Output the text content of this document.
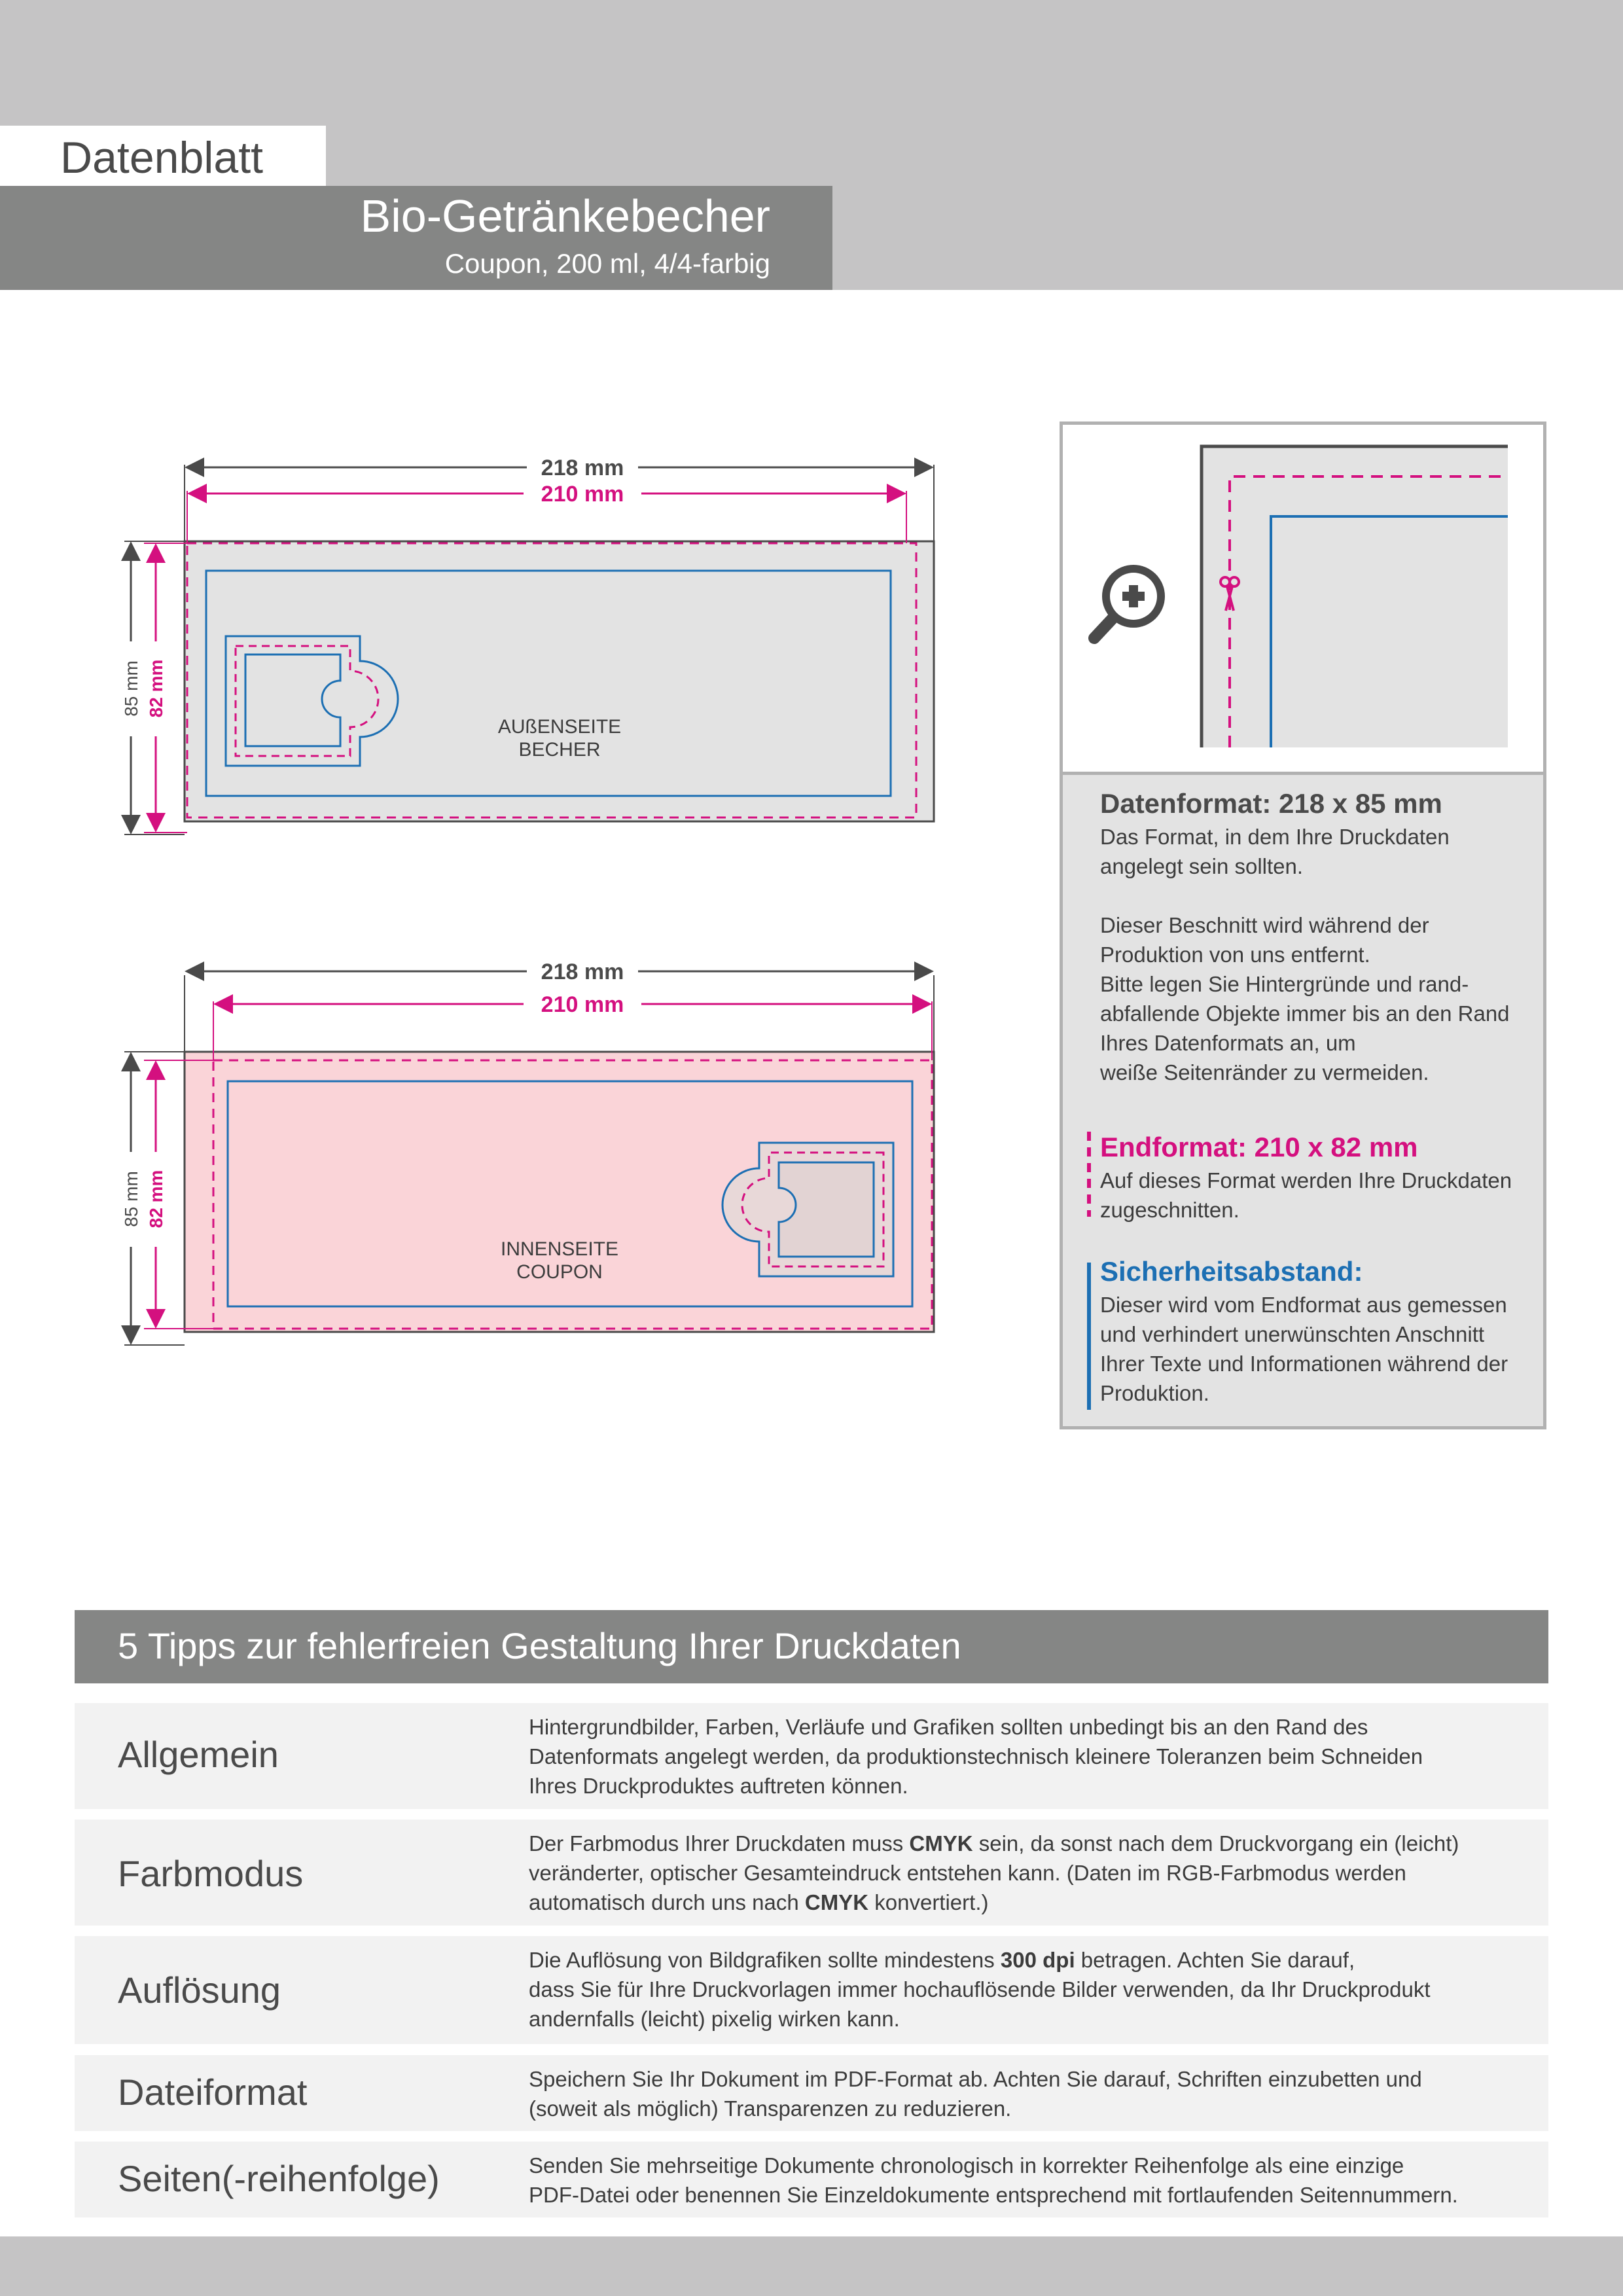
Datenblatt
Bio-Getränkebecher
Coupon, 200 ml, 4/4-farbig
AUßENSEITE
BECHER
218 mm
210 mm
85 mm 82 mm
INNENSEITE
COUPON
218 mm
210 mm
85 mm 82 mm
Datenformat: 218 x 85 mm
Das Format, in dem Ihre Druckdaten
angelegt sein sollten.
Dieser Beschnitt wird während der
Produktion von uns entfernt.
Bitte legen Sie Hintergründe und rand-
abfallende Objekte immer bis an den Rand
Ihres Datenformats an, um
weiße Seitenränder zu vermeiden.
Endformat: 210 x 82 mm
Auf dieses Format werden Ihre Druckdaten
zugeschnitten.
Sicherheitsabstand:
Dieser wird vom Endformat aus gemessen
und verhindert unerwünschten Anschnitt
Ihrer Texte und Informationen während der
Produktion.
5 Tipps zur fehlerfreien Gestaltung Ihrer Druckdaten
Allgemein
Hintergrundbilder, Farben, Verläufe und Grafiken sollten unbedingt bis an den Rand des
Datenformats angelegt werden, da produktionstechnisch kleinere Toleranzen beim Schneiden
Ihres Druckproduktes auftreten können.
Farbmodus
Der Farbmodus Ihrer Druckdaten muss CMYK sein, da sonst nach dem Druckvorgang ein (leicht)
veränderter, optischer Gesamteindruck entstehen kann. (Daten im RGB-Farbmodus werden
automatisch durch uns nach CMYK konvertiert.)
Auflösung
Die Auflösung von Bildgrafiken sollte mindestens 300 dpi betragen. Achten Sie darauf,
dass Sie für Ihre Druckvorlagen immer hochauflösende Bilder verwenden, da Ihr Druckprodukt
andernfalls (leicht) pixelig wirken kann.
Dateiformat	Speichern Sie Ihr Dokument im PDF-Format ab. Achten Sie darauf, Schriften einzubetten und
(soweit als möglich) Transparenzen zu reduzieren.
Seiten(-reihenfolge)	Senden Sie mehrseitige Dokumente chronologisch in korrekter Reihenfolge als eine einzige
PDF-Datei oder benennen Sie Einzeldokumente entsprechend mit fortlaufenden Seitennummern.
